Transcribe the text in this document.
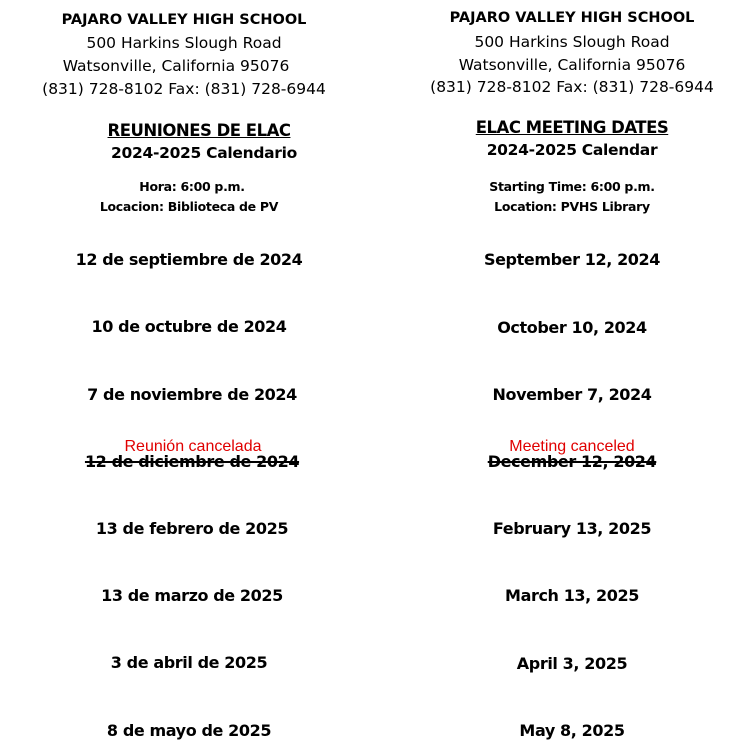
PAJARO VALLEY HIGH SCHOOL
500 Harkins Slough Road
Watsonville, California 95076
(831) 728-8102 Fax: (831) 728-6944
REUNIONES DE ELAC
2024-2025 Calendario
Hora: 6:00 p.m.
Locacion: Biblioteca de PV
12 de septiembre de 2024
10 de octubre de 2024
7 de noviembre de 2024
Reunión cancelada
12 de diciembre de 2024
13 de febrero de 2025
13 de marzo de 2025
3 de abril de 2025
8 de mayo de 2025
PAJARO VALLEY HIGH SCHOOL
500 Harkins Slough Road
Watsonville, California 95076
(831) 728-8102 Fax: (831) 728-6944
ELAC MEETING DATES
2024-2025 Calendar
Starting Time: 6:00 p.m.
Location: PVHS Library
September 12, 2024
October 10, 2024
November 7, 2024
Meeting canceled
December 12, 2024
February 13, 2025
March 13, 2025
April 3, 2025
May 8, 2025
